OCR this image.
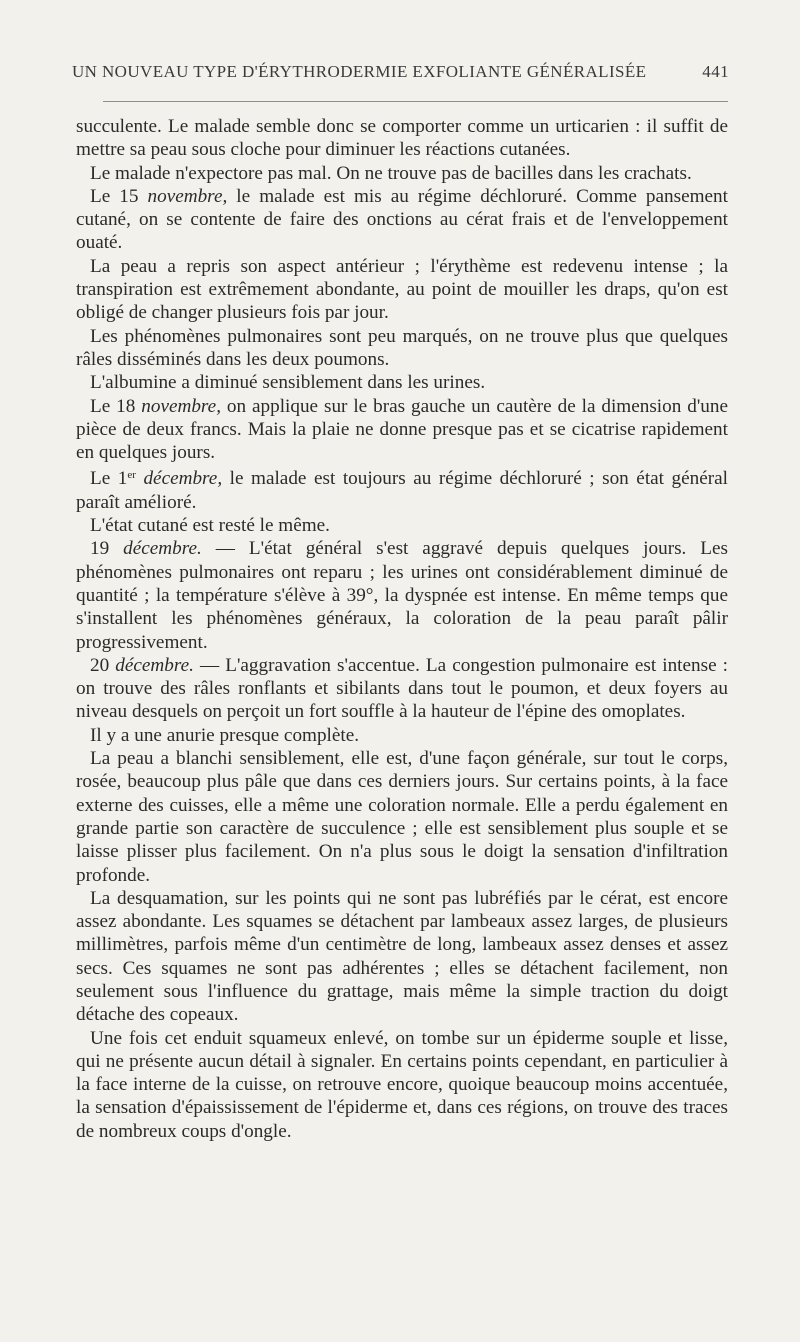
UN NOUVEAU TYPE D'ÉRYTHRODERMIE EXFOLIANTE GÉNÉRALISÉE	441

succulente. Le malade semble donc se comporter comme un urticarien : il suffit de mettre sa peau sous cloche pour diminuer les réactions cutanées.

Le malade n'expectore pas mal. On ne trouve pas de bacilles dans les crachats.

Le 15 novembre, le malade est mis au régime déchloruré. Comme pansement cutané, on se contente de faire des onctions au cérat frais et de l'enveloppement ouaté.

La peau a repris son aspect antérieur ; l'érythème est redevenu intense ; la transpiration est extrêmement abondante, au point de mouiller les draps, qu'on est obligé de changer plusieurs fois par jour.

Les phénomènes pulmonaires sont peu marqués, on ne trouve plus que quelques râles disséminés dans les deux poumons.

L'albumine a diminué sensiblement dans les urines.

Le 18 novembre, on applique sur le bras gauche un cautère de la dimension d'une pièce de deux francs. Mais la plaie ne donne presque pas et se cicatrise rapidement en quelques jours.

Le 1er décembre, le malade est toujours au régime déchloruré ; son état général paraît amélioré.

L'état cutané est resté le même.

19 décembre. — L'état général s'est aggravé depuis quelques jours. Les phénomènes pulmonaires ont reparu ; les urines ont considérablement diminué de quantité ; la température s'élève à 39°, la dyspnée est intense. En même temps que s'installent les phénomènes généraux, la coloration de la peau paraît pâlir progressivement.

20 décembre. — L'aggravation s'accentue. La congestion pulmonaire est intense : on trouve des râles ronflants et sibilants dans tout le poumon, et deux foyers au niveau desquels on perçoit un fort souffle à la hauteur de l'épine des omoplates.

Il y a une anurie presque complète.

La peau a blanchi sensiblement, elle est, d'une façon générale, sur tout le corps, rosée, beaucoup plus pâle que dans ces derniers jours. Sur certains points, à la face externe des cuisses, elle a même une coloration normale. Elle a perdu également en grande partie son caractère de succulence ; elle est sensiblement plus souple et se laisse plisser plus facilement. On n'a plus sous le doigt la sensation d'infiltration profonde.

La desquamation, sur les points qui ne sont pas lubréfiés par le cérat, est encore assez abondante. Les squames se détachent par lambeaux assez larges, de plusieurs millimètres, parfois même d'un centimètre de long, lambeaux assez denses et assez secs. Ces squames ne sont pas adhérentes ; elles se détachent facilement, non seulement sous l'influence du grattage, mais même la simple traction du doigt détache des copeaux.

Une fois cet enduit squameux enlevé, on tombe sur un épiderme souple et lisse, qui ne présente aucun détail à signaler. En certains points cependant, en particulier à la face interne de la cuisse, on retrouve encore, quoique beaucoup moins accentuée, la sensation d'épaississement de l'épiderme et, dans ces régions, on trouve des traces de nombreux coups d'ongle.
